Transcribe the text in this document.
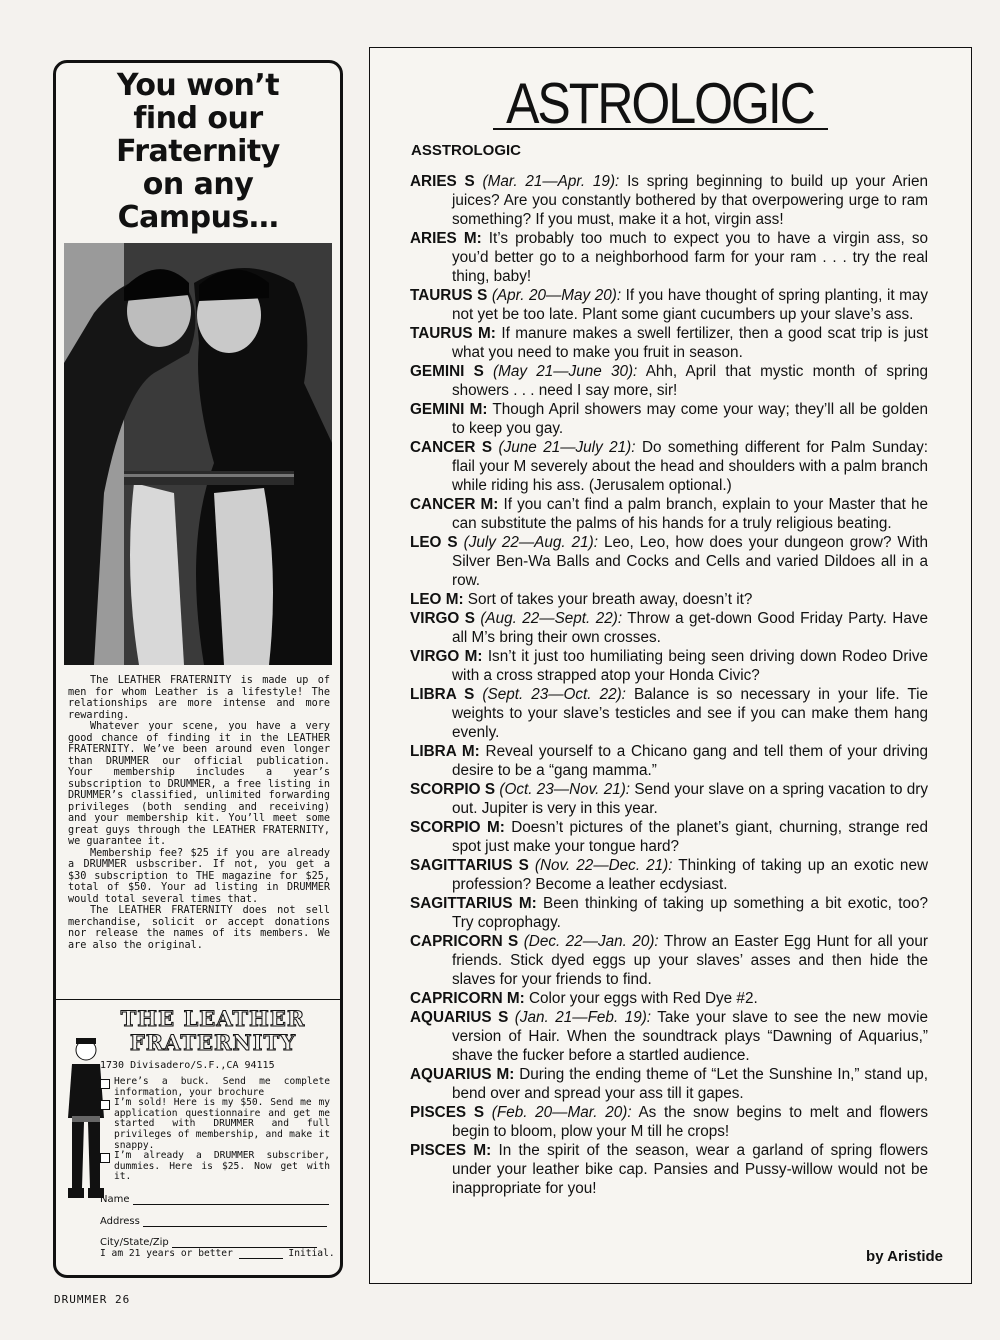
You won’t
find our
Fraternity
on any
Campus…

The LEATHER FRATERNITY is made up of men for whom Leather is a lifestyle! The relationships are more intense and more rewarding.

Whatever your scene, you have a very good chance of finding it in the LEATHER FRATERNITY. We’ve been around even longer than DRUMMER our official publication. Your membership includes a year’s subscription to DRUMMER, a free listing in DRUMMER’s classified, unlimited forwarding privileges (both sending and receiving) and your membership kit. You’ll meet some great guys through the LEATHER FRATERNITY, we guarantee it.

Membership fee? $25 if you are already a DRUMMER usbscriber. If not, you get a $30 subscription to THE magazine for $25, total of $50. Your ad listing in DRUMMER would total several times that.

The LEATHER FRATERNITY does not sell merchandise, solicit or accept donations nor release the names of its members. We are also the original.

THE LEATHER
FRATERNITY
1730 Divisadero/S.F.,CA 94115
Here’s a buck. Send me complete information, your brochure
I’m sold! Here is my $50. Send me my application questionnaire and get me started with DRUMMER and full privileges of membership, and make it snappy.
I’m already a DRUMMER subscriber, dummies. Here is $25. Now get with it.
Name
Address
City/State/Zip
I am 21 years or better	Initial.
DRUMMER 26
ASTROLOGIC
ASSTROLOGIC

ARIES S (Mar. 21—Apr. 19): Is spring beginning to build up your Arien juices? Are you constantly bothered by that overpowering urge to ram something? If you must, make it a hot, virgin ass!

ARIES M: It’s probably too much to expect you to have a virgin ass, so you’d better go to a neighborhood farm for your ram . . . try the real thing, baby!

TAURUS S (Apr. 20—May 20): If you have thought of spring planting, it may not yet be too late. Plant some giant cucumbers up your slave’s ass.

TAURUS M: If manure makes a swell fertilizer, then a good scat trip is just what you need to make you fruit in season.

GEMINI S (May 21—June 30): Ahh, April that mystic month of spring showers . . . need I say more, sir!

GEMINI M: Though April showers may come your way; they’ll all be golden to keep you gay.

CANCER S (June 21—July 21): Do something different for Palm Sunday: flail your M severely about the head and shoulders with a palm branch while riding his ass. (Jerusalem optional.)

CANCER M: If you can’t find a palm branch, explain to your Master that he can substitute the palms of his hands for a truly religious beating.

LEO S (July 22—Aug. 21): Leo, Leo, how does your dungeon grow? With Silver Ben-Wa Balls and Cocks and Cells and varied Dildoes all in a row.

LEO M: Sort of takes your breath away, doesn’t it?

VIRGO S (Aug. 22—Sept. 22): Throw a get-down Good Friday Party. Have all M’s bring their own crosses.

VIRGO M: Isn’t it just too humiliating being seen driving down Rodeo Drive with a cross strapped atop your Honda Civic?

LIBRA S (Sept. 23—Oct. 22): Balance is so necessary in your life. Tie weights to your slave’s testicles and see if you can make them hang evenly.

LIBRA M: Reveal yourself to a Chicano gang and tell them of your driving desire to be a “gang mamma.”

SCORPIO S (Oct. 23—Nov. 21): Send your slave on a spring vacation to dry out. Jupiter is very in this year.

SCORPIO M: Doesn’t pictures of the planet’s giant, churning, strange red spot just make your tongue hard?

SAGITTARIUS S (Nov. 22—Dec. 21): Thinking of taking up an exotic new profession? Become a leather ecdysiast.

SAGITTARIUS M: Been thinking of taking up something a bit exotic, too? Try coprophagy.

CAPRICORN S (Dec. 22—Jan. 20): Throw an Easter Egg Hunt for all your friends. Stick dyed eggs up your slaves’ asses and then hide the slaves for your friends to find.

CAPRICORN M: Color your eggs with Red Dye #2.

AQUARIUS S (Jan. 21—Feb. 19): Take your slave to see the new movie version of Hair. When the soundtrack plays “Dawning of Aquarius,” shave the fucker before a startled audience.

AQUARIUS M: During the ending theme of “Let the Sunshine In,” stand up, bend over and spread your ass till it gapes.

PISCES S (Feb. 20—Mar. 20): As the snow begins to melt and flowers begin to bloom, plow your M till he crops!

PISCES M: In the spirit of the season, wear a garland of spring flowers under your leather bike cap. Pansies and Pussy-willow would not be inappropriate for you!

by Aristide
